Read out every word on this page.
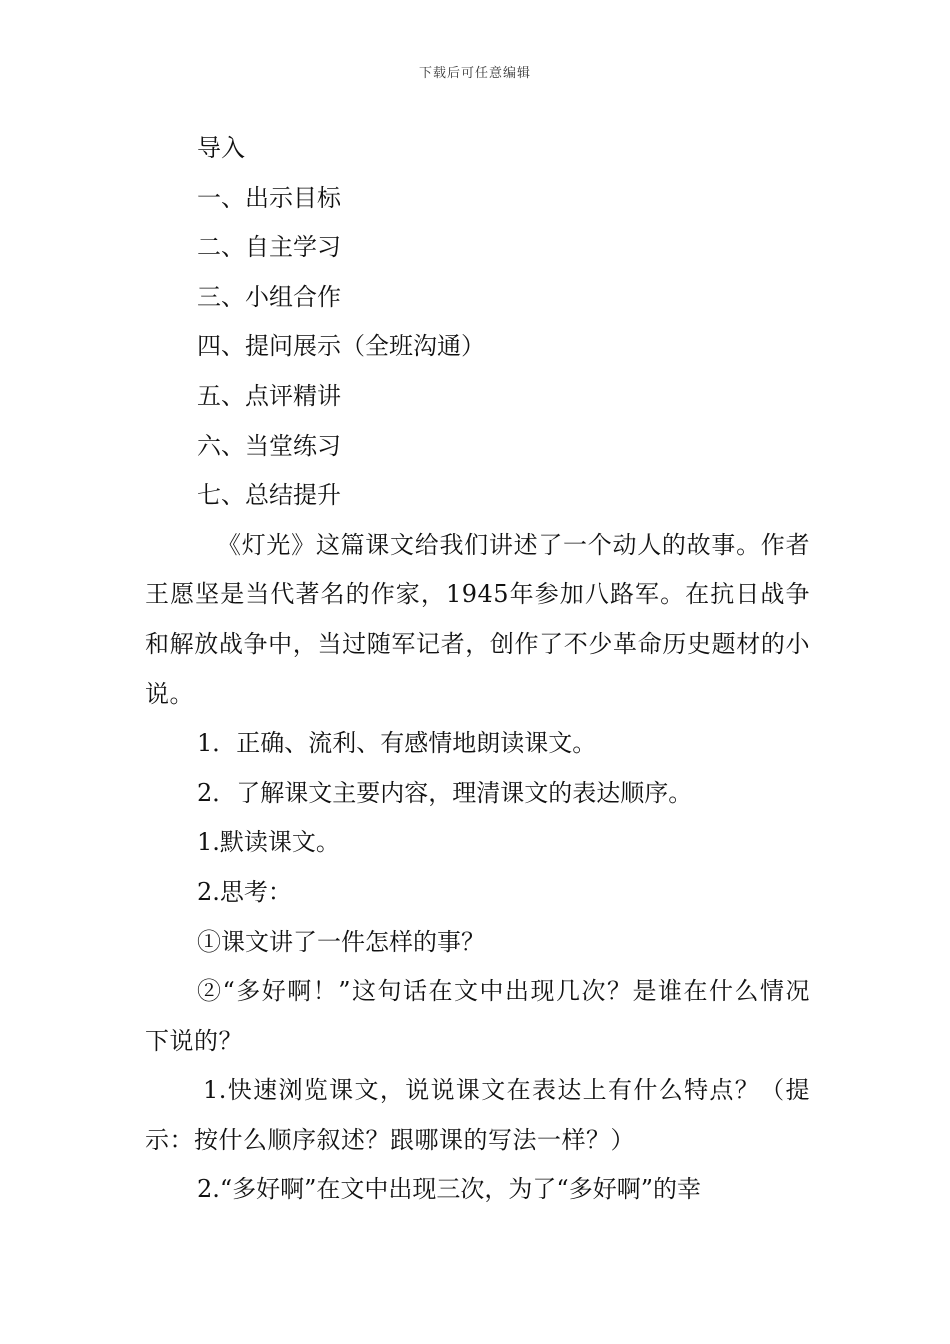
下载后可任意编辑
导入
一、出示目标
二、自主学习
三、小组合作
四、提问展示（全班沟通）
五、点评精讲
六、当堂练习
七、总结提升
《灯光》这篇课文给我们讲述了一个动人的故事。作者王愿坚是当代著名的作家，1945年参加八路军。在抗日战争和解放战争中，当过随军记者，创作了不少革命历史题材的小说。
1．正确、流利、有感情地朗读课文。
2．了解课文主要内容，理清课文的表达顺序。
1.默读课文。
2.思考：
①课文讲了一件怎样的事？
②“多好啊！”这句话在文中出现几次？是谁在什么情况下说的？
1.快速浏览课文，说说课文在表达上有什么特点？（提示：按什么顺序叙述？跟哪课的写法一样？）
2.“多好啊”在文中出现三次，为了“多好啊”的幸
